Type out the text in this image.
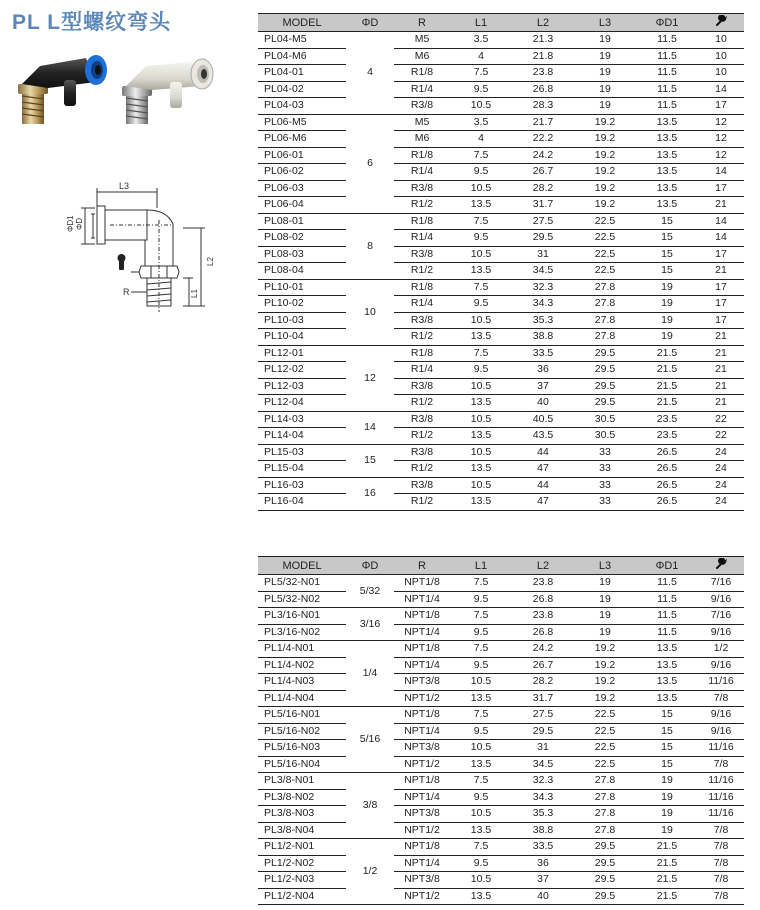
PL L型螺纹弯头
L3
ΦD1 ΦD
L2
L1
R
MODEL	ΦD	R	L1	L2	L3	ΦD1	
PL04-M5	4	M5	3.5	21.3	19	11.5	10
PL04-M6		M6	4	21.8	19	11.5	10
PL04-01		R1/8	7.5	23.8	19	11.5	10
PL04-02		R1/4	9.5	26.8	19	11.5	14
PL04-03		R3/8	10.5	28.3	19	11.5	17
PL06-M5	6	M5	3.5	21.7	19.2	13.5	12
PL06-M6		M6	4	22.2	19.2	13.5	12
PL06-01		R1/8	7.5	24.2	19.2	13.5	12
PL06-02		R1/4	9.5	26.7	19.2	13.5	14
PL06-03		R3/8	10.5	28.2	19.2	13.5	17
PL06-04		R1/2	13.5	31.7	19.2	13.5	21
PL08-01	8	R1/8	7.5	27.5	22.5	15	14
PL08-02		R1/4	9.5	29.5	22.5	15	14
PL08-03		R3/8	10.5	31	22.5	15	17
PL08-04		R1/2	13.5	34.5	22.5	15	21
PL10-01	10	R1/8	7.5	32.3	27.8	19	17
PL10-02		R1/4	9.5	34.3	27.8	19	17
PL10-03		R3/8	10.5	35.3	27.8	19	17
PL10-04		R1/2	13.5	38.8	27.8	19	21
PL12-01	12	R1/8	7.5	33.5	29.5	21.5	21
PL12-02		R1/4	9.5	36	29.5	21.5	21
PL12-03		R3/8	10.5	37	29.5	21.5	21
PL12-04		R1/2	13.5	40	29.5	21.5	21
PL14-03	14	R3/8	10.5	40.5	30.5	23.5	22
PL14-04		R1/2	13.5	43.5	30.5	23.5	22
PL15-03	15	R3/8	10.5	44	33	26.5	24
PL15-04		R1/2	13.5	47	33	26.5	24
PL16-03	16	R3/8	10.5	44	33	26.5	24
PL16-04		R1/2	13.5	47	33	26.5	24
MODEL	ΦD	R	L1	L2	L3	ΦD1	
PL5/32-N01	5/32	NPT1/8	7.5	23.8	19	11.5	7/16
PL5/32-N02		NPT1/4	9.5	26.8	19	11.5	9/16
PL3/16-N01	3/16	NPT1/8	7.5	23.8	19	11.5	7/16
PL3/16-N02		NPT1/4	9.5	26.8	19	11.5	9/16
PL1/4-N01	1/4	NPT1/8	7.5	24.2	19.2	13.5	1/2
PL1/4-N02		NPT1/4	9.5	26.7	19.2	13.5	9/16
PL1/4-N03		NPT3/8	10.5	28.2	19.2	13.5	11/16
PL1/4-N04		NPT1/2	13.5	31.7	19.2	13.5	7/8
PL5/16-N01	5/16	NPT1/8	7.5	27.5	22.5	15	9/16
PL5/16-N02		NPT1/4	9.5	29.5	22.5	15	9/16
PL5/16-N03		NPT3/8	10.5	31	22.5	15	11/16
PL5/16-N04		NPT1/2	13.5	34.5	22.5	15	7/8
PL3/8-N01	3/8	NPT1/8	7.5	32.3	27.8	19	11/16
PL3/8-N02		NPT1/4	9.5	34.3	27.8	19	11/16
PL3/8-N03		NPT3/8	10.5	35.3	27.8	19	11/16
PL3/8-N04		NPT1/2	13.5	38.8	27.8	19	7/8
PL1/2-N01	1/2	NPT1/8	7.5	33.5	29.5	21.5	7/8
PL1/2-N02		NPT1/4	9.5	36	29.5	21.5	7/8
PL1/2-N03		NPT3/8	10.5	37	29.5	21.5	7/8
PL1/2-N04		NPT1/2	13.5	40	29.5	21.5	7/8
